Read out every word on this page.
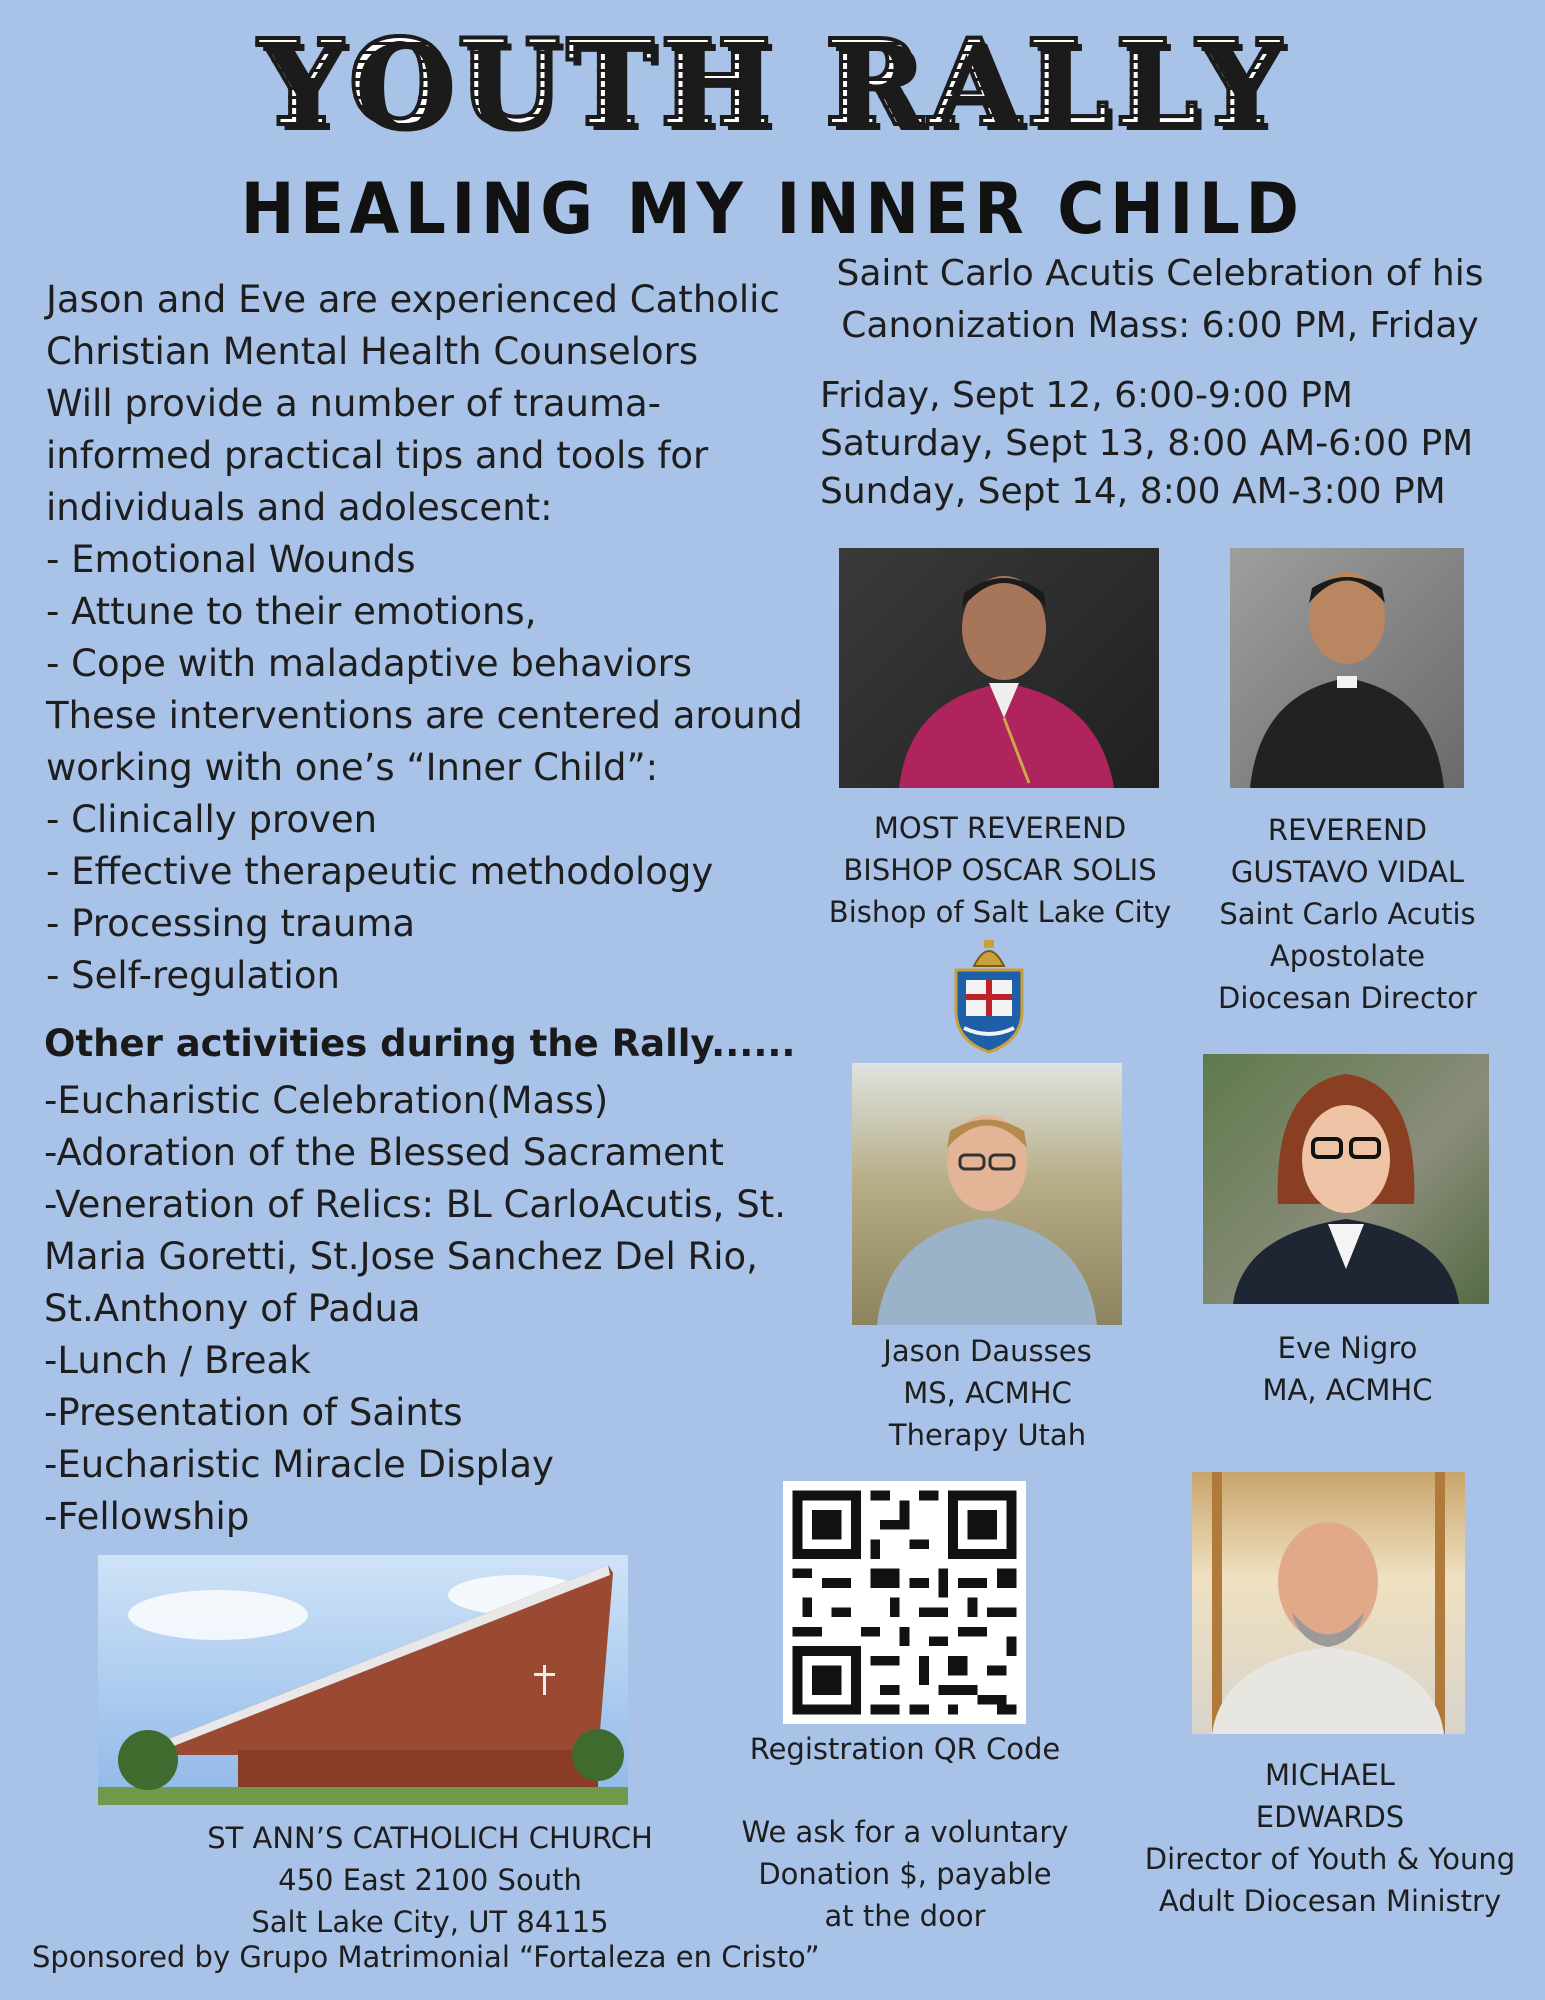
YOUTH RALLY
HEALING MY INNER CHILD
Jason and Eve are experienced Catholic
Christian Mental Health Counselors
Will provide a number of trauma-
informed practical tips and tools for
individuals and adolescent:
- Emotional Wounds
- Attune to their emotions,
- Cope with maladaptive behaviors
These interventions are centered around
working with one’s “Inner Child”:
- Clinically proven
- Effective therapeutic methodology
- Processing trauma
- Self-regulation
Other activities during the Rally......
-Eucharistic Celebration(Mass)
-Adoration of the Blessed Sacrament
-Veneration of Relics: BL CarloAcutis, St.
Maria Goretti, St.Jose Sanchez Del Rio,
St.Anthony of Padua
-Lunch / Break
-Presentation of Saints
-Eucharistic Miracle Display
-Fellowship
Saint Carlo Acutis Celebration of his
Canonization Mass: 6:00 PM, Friday
Friday, Sept 12, 6:00-9:00 PM
Saturday, Sept 13, 8:00 AM-6:00 PM
Sunday, Sept 14, 8:00 AM-3:00 PM
MOST REVEREND
BISHOP OSCAR SOLIS
Bishop of Salt Lake City
REVEREND
GUSTAVO VIDAL
Saint Carlo Acutis
Apostolate
Diocesan Director
Jason Dausses
MS, ACMHC
Therapy Utah
Eve Nigro
MA, ACMHC
Registration QR Code
We ask for a voluntary
Donation $, payable
at the door
MICHAEL
EDWARDS
Director of Youth & Young
Adult Diocesan Ministry
ST ANN’S CATHOLICH CHURCH
450 East 2100 South
Salt Lake City, UT 84115
Sponsored by Grupo Matrimonial “Fortaleza en Cristo”
